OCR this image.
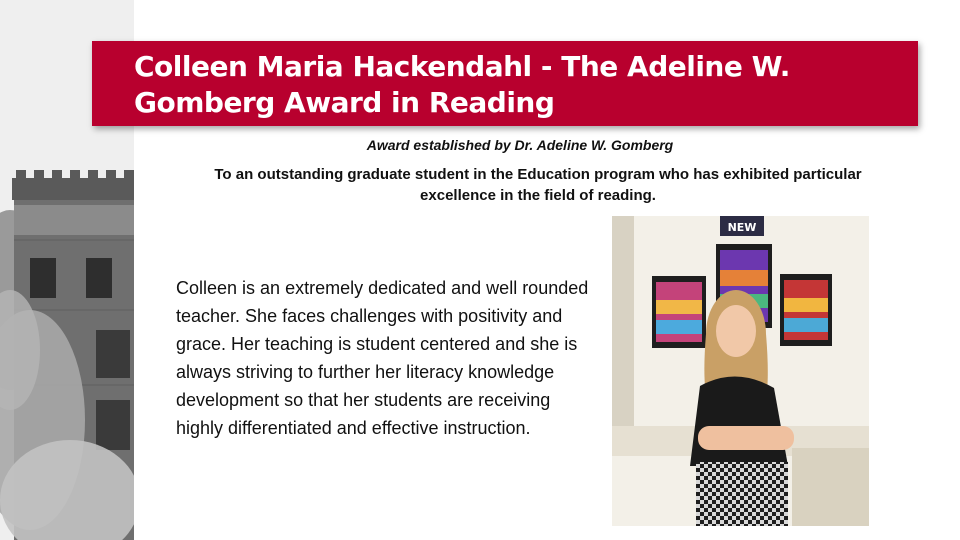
Colleen Maria Hackendahl - The Adeline W. Gomberg Award in Reading
Award established by Dr. Adeline W. Gomberg
To an outstanding graduate student in the Education program who has exhibited particular excellence in the field of reading.
Colleen is an extremely dedicated and well rounded teacher. She faces challenges with positivity and grace. Her teaching is student centered and she is always striving to further her literacy knowledge development so that her students are receiving highly differentiated and effective instruction.
NEW
